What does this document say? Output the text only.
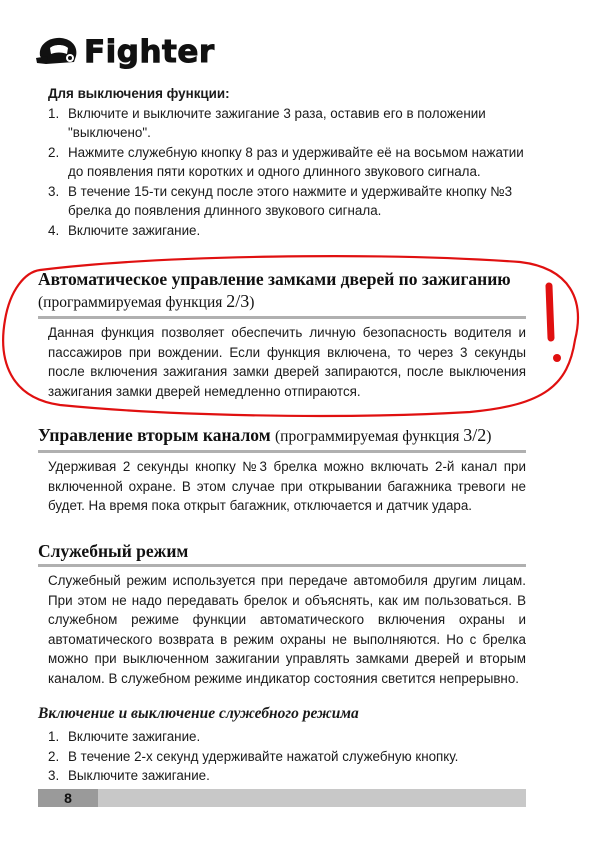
Fighter
Для выключения функции:
1. Включите и выключите зажигание 3 раза, оставив его в положении "выключено".
2. Нажмите служебную кнопку 8 раз и удерживайте её на восьмом нажатии до появления пяти коротких и одного длинного звукового сигнала.
3. В течение 15-ти секунд после этого нажмите и удерживайте кнопку №3 брелка до появления длинного звукового сигнала.
4. Включите зажигание.
Автоматическое управление замками дверей по зажиганию
(программируемая функция 2/3)
Данная функция позволяет обеспечить личную безопасность водителя и пассажиров при вождении. Если функция включена, то через 3 секунды после включения зажигания замки дверей запираются, после выключения зажигания замки дверей немедленно отпираются.
Управление вторым каналом (программируемая функция 3/2)
Удерживая 2 секунды кнопку №3 брелка можно включать 2-й канал при включенной охране. В этом случае при открывании багажника тревоги не будет. На время пока открыт багажник, отключается и датчик удара.
Служебный режим
Служебный режим используется при передаче автомобиля другим лицам. При этом не надо передавать брелок и объяснять, как им пользоваться. В служебном режиме функции автоматического включения охраны и автоматического возврата в режим охраны не выполняются. Но с брелка можно при выключенном зажигании управлять замками дверей и вторым каналом. В служебном режиме индикатор состояния светится непрерывно.
Включение и выключение служебного режима
1. Включите зажигание.
2. В течение 2-х секунд удерживайте нажатой служебную кнопку.
3. Выключите зажигание.
8
